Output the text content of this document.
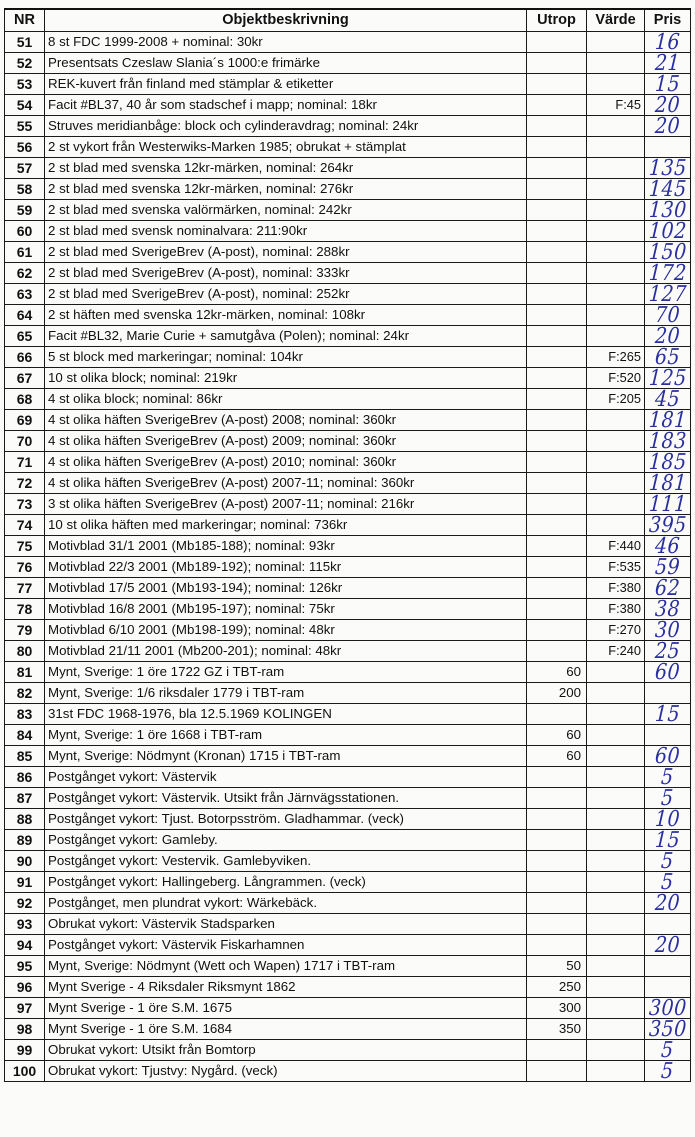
NR	Objektbeskrivning	Utrop	Värde	Pris
51	8 st FDC 1999-2008 + nominal: 30kr			16
52	Presentsats Czeslaw Slania´s 1000:e frimärke			21
53	REK-kuvert från finland med stämplar & etiketter			15
54	Facit #BL37, 40 år som stadschef i mapp; nominal: 18kr		F:45	20
55	Struves meridianbåge: block och cylinderavdrag; nominal: 24kr			20
56	2 st vykort från Westerwiks-Marken 1985; obrukat + stämplat			
57	2 st blad med svenska 12kr-märken, nominal: 264kr			135
58	2 st blad med svenska 12kr-märken, nominal: 276kr			145
59	2 st blad med svenska valörmärken, nominal: 242kr			130
60	2 st blad med svensk nominalvara: 211:90kr			102
61	2 st blad med SverigeBrev (A-post), nominal: 288kr			150
62	2 st blad med SverigeBrev (A-post), nominal: 333kr			172
63	2 st blad med SverigeBrev (A-post), nominal: 252kr			127
64	2 st häften med svenska 12kr-märken, nominal: 108kr			70
65	Facit #BL32, Marie Curie + samutgåva (Polen); nominal: 24kr			20
66	5 st block med markeringar; nominal: 104kr		F:265	65
67	10 st olika block; nominal: 219kr		F:520	125
68	4 st olika block; nominal: 86kr		F:205	45
69	4 st olika häften SverigeBrev (A-post) 2008; nominal: 360kr			181
70	4 st olika häften SverigeBrev (A-post) 2009; nominal: 360kr			183
71	4 st olika häften SverigeBrev (A-post) 2010; nominal: 360kr			185
72	4 st olika häften SverigeBrev (A-post) 2007-11; nominal: 360kr			181
73	3 st olika häften SverigeBrev (A-post) 2007-11; nominal: 216kr			111
74	10 st olika häften med markeringar; nominal: 736kr			395
75	Motivblad 31/1 2001 (Mb185-188); nominal: 93kr		F:440	46
76	Motivblad 22/3 2001 (Mb189-192); nominal: 115kr		F:535	59
77	Motivblad 17/5 2001 (Mb193-194); nominal: 126kr		F:380	62
78	Motivblad 16/8 2001 (Mb195-197); nominal: 75kr		F:380	38
79	Motivblad 6/10 2001 (Mb198-199); nominal: 48kr		F:270	30
80	Motivblad 21/11 2001 (Mb200-201); nominal: 48kr		F:240	25
81	Mynt, Sverige: 1 öre 1722 GZ i TBT-ram	60		60
82	Mynt, Sverige: 1/6 riksdaler 1779 i TBT-ram	200		
83	31st FDC 1968-1976, bla 12.5.1969 KOLINGEN			15
84	Mynt, Sverige: 1 öre 1668 i TBT-ram	60		
85	Mynt, Sverige: Nödmynt (Kronan) 1715 i TBT-ram	60		60
86	Postgånget vykort: Västervik			5
87	Postgånget vykort: Västervik. Utsikt från Järnvägsstationen.			5
88	Postgånget vykort: Tjust. Botorpsström. Gladhammar. (veck)			10
89	Postgånget vykort: Gamleby.			15
90	Postgånget vykort: Vestervik. Gamlebyviken.			5
91	Postgånget vykort: Hallingeberg. Långrammen. (veck)			5
92	Postgånget, men plundrat vykort: Wärkebäck.			20
93	Obrukat vykort: Västervik Stadsparken			
94	Postgånget vykort: Västervik Fiskarhamnen			20
95	Mynt, Sverige: Nödmynt (Wett och Wapen) 1717 i TBT-ram	50		
96	Mynt Sverige - 4 Riksdaler Riksmynt 1862	250		
97	Mynt Sverige - 1 öre S.M. 1675	300		300
98	Mynt Sverige - 1 öre S.M. 1684	350		350
99	Obrukat vykort: Utsikt från Bomtorp			5
100	Obrukat vykort: Tjustvy: Nygård. (veck)			5
